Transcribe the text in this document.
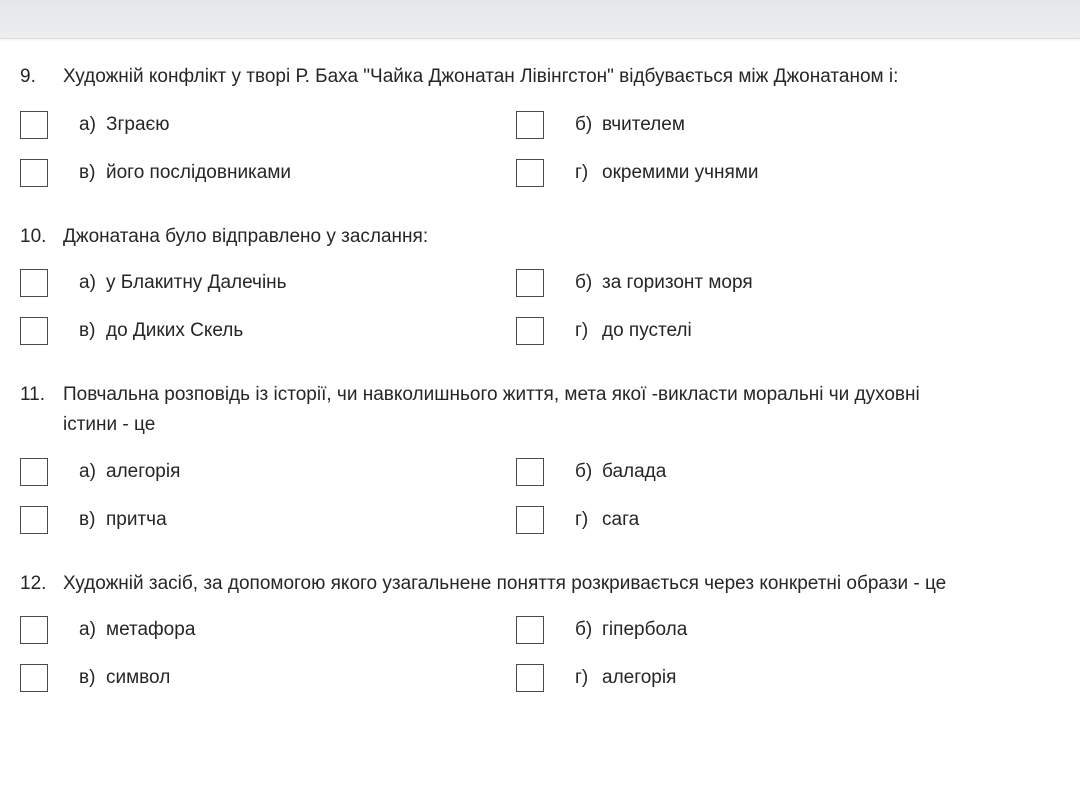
9. Художній конфлікт у творі Р. Баха "Чайка Джонатан Лівінгстон" відбувається між Джонатаном і:
а) Зграєю	б) вчителем
в) його послідовниками	г) окремими учнями
10. Джонатана було відправлено у заслання:
а) у Блакитну Далечінь	б) за горизонт моря
в) до Диких Скель	г) до пустелі
11. Повчальна розповідь із історії, чи навколишнього життя, мета якої -викласти моральні чи духовні
істини - це
а) алегорія	б) балада
в) притча	г) сага
12. Художній засіб, за допомогою якого узагальнене поняття розкривається через конкретні образи - це
а) метафора	б) гіпербола
в) символ	г) алегорія
